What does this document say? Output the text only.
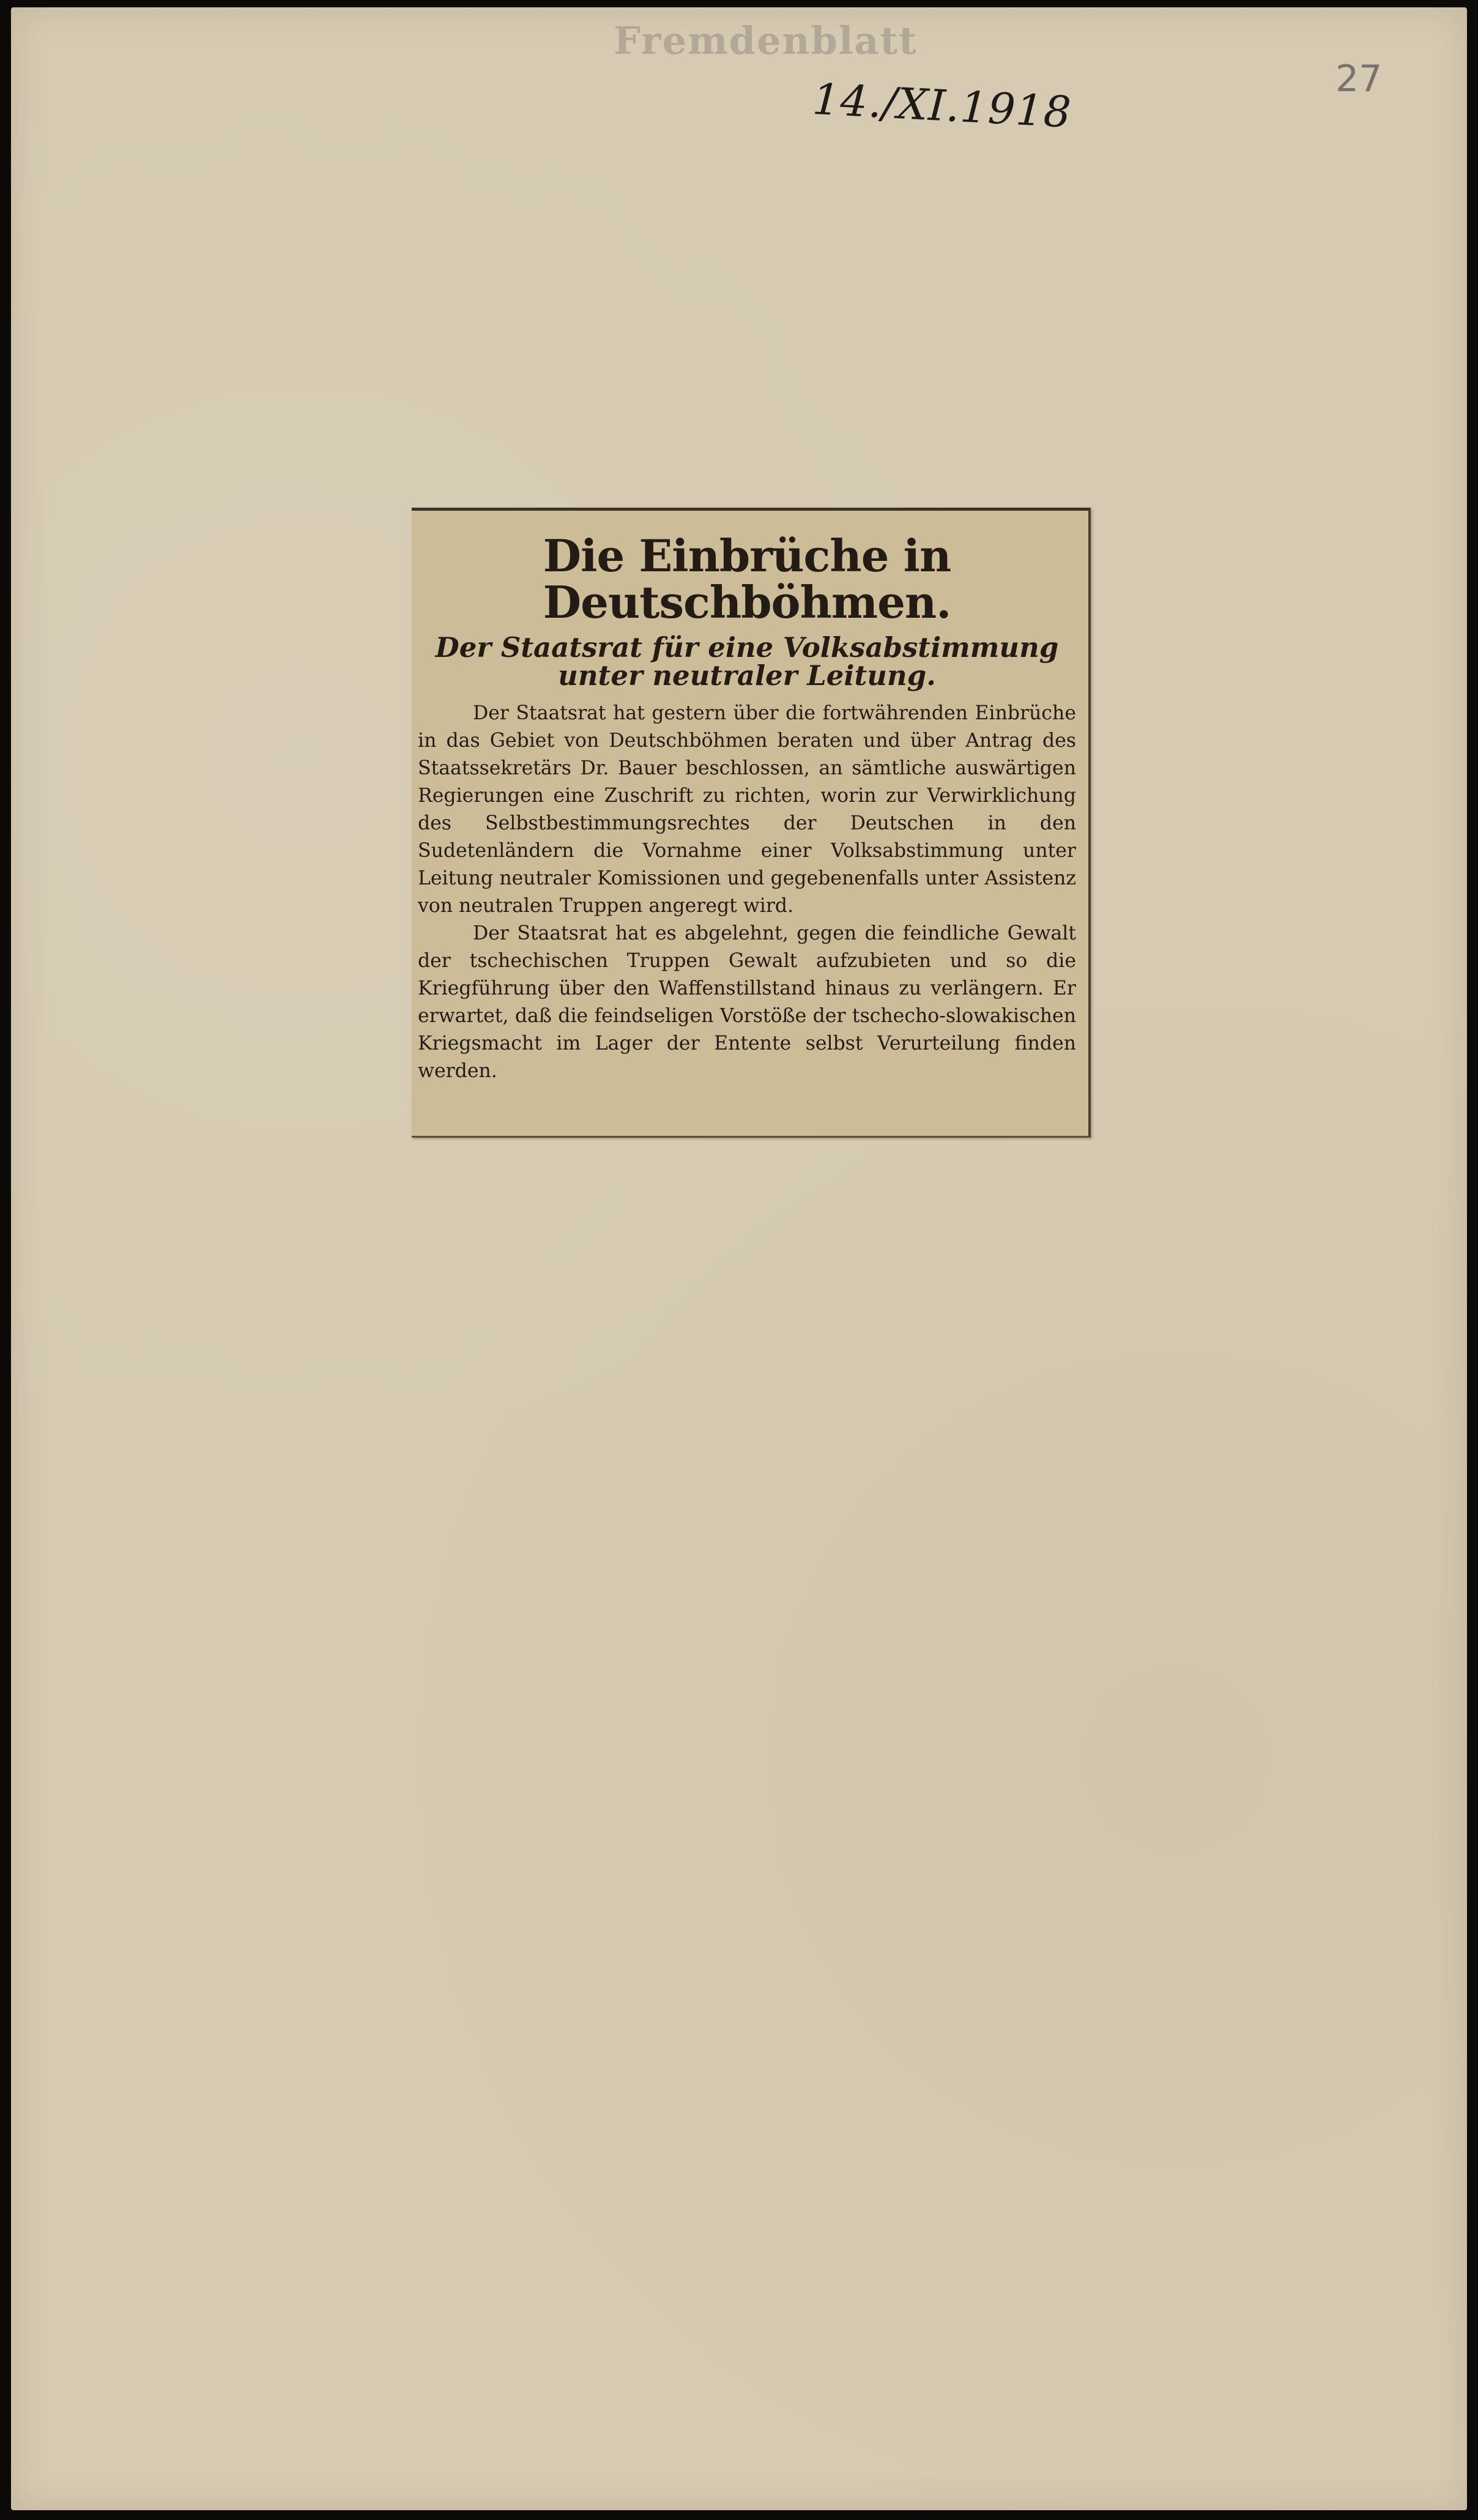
Fremdenblatt
14./XI.1918	27
Die Einbrüche in Deutschböhmen.
Der Staatsrat für eine Volksabstimmung unter neutraler Leitung.

Der Staatsrat hat gestern über die fortwährenden Einbrüche in das Gebiet von Deutschböhmen beraten und über Antrag des Staatssekretärs Dr. Bauer beschlossen, an sämtliche auswärtigen Regierungen eine Zuschrift zu richten, worin zur Verwirklichung des Selbstbestimmungsrechtes der Deutschen in den Sudetenländern die Vornahme einer Volksabstimmung unter Leitung neutraler Komissionen und gegebenenfalls unter Assistenz von neutralen Truppen angeregt wird.

Der Staatsrat hat es abgelehnt, gegen die feindliche Gewalt der tschechischen Truppen Gewalt aufzubieten und so die Kriegführung über den Waffenstillstand hinaus zu verlängern. Er erwartet, daß die feindseligen Vorstöße der tschecho-slowakischen Kriegsmacht im Lager der Entente selbst Verurteilung finden werden.
